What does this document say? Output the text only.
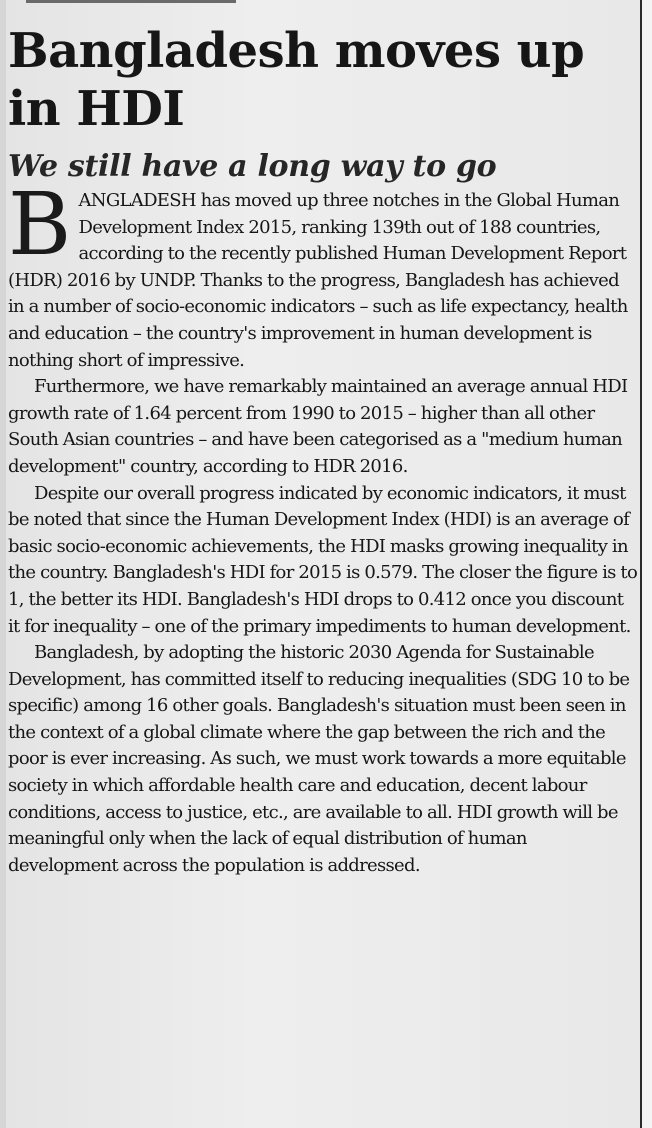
Bangladesh moves up in HDI
We still have a long way to go
B ANGLADESH has moved up three notches in the Global Human Development Index 2015, ranking 139th out of 188 countries, according to the recently published Human Development Report (HDR) 2016 by UNDP. Thanks to the progress, Bangladesh has achieved in a number of socio-economic indicators – such as life expectancy, health and education – the country's improvement in human development is nothing short of impressive.

Furthermore, we have remarkably maintained an average annual HDI growth rate of 1.64 percent from 1990 to 2015 – higher than all other South Asian countries – and have been categorised as a "medium human development" country, according to HDR 2016.

Despite our overall progress indicated by economic indicators, it must be noted that since the Human Development Index (HDI) is an average of basic socio-economic achievements, the HDI masks growing inequality in the country. Bangladesh's HDI for 2015 is 0.579. The closer the figure is to 1, the better its HDI. Bangladesh's HDI drops to 0.412 once you discount it for inequality – one of the primary impediments to human development.

Bangladesh, by adopting the historic 2030 Agenda for Sustainable Development, has committed itself to reducing inequalities (SDG 10 to be specific) among 16 other goals. Bangladesh's situation must been seen in the context of a global climate where the gap between the rich and the poor is ever increasing. As such, we must work towards a more equitable society in which affordable health care and education, decent labour conditions, access to justice, etc., are available to all. HDI growth will be meaningful only when the lack of equal distribution of human development across the population is addressed.
